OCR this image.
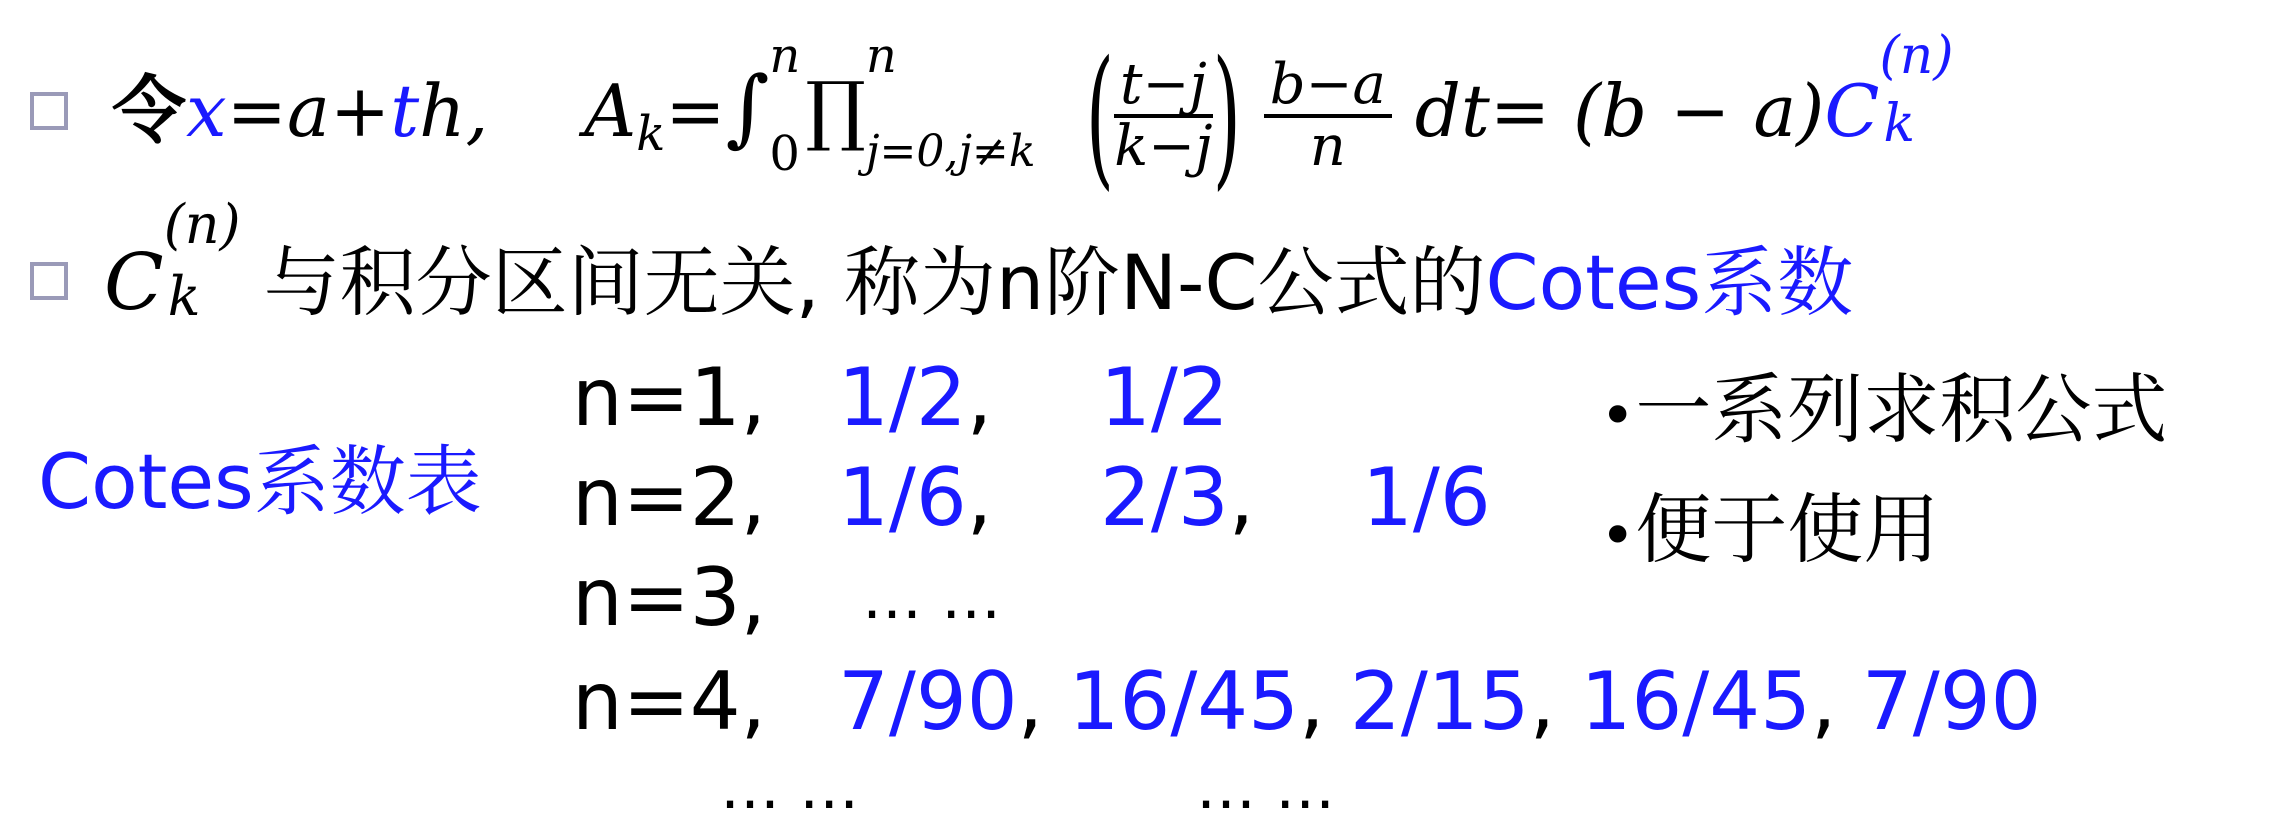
令x=a+th, Ak=∫
n
0
∏
n
j=0,j≠k ( $\frac{t-j}{k-j}$ ) $\frac{b-a}{n} dt= (b - a)C$
(n)
k
C
(n)
k 与积分区间无关, 称为n阶N-C公式的Cotes系数
Cotes系数表
n=1, 1/2, 1/2
n=2, 1/6, 2/3, 1/6
n=3, … …
n=4, 7/90, 16/45, 2/15, 16/45, 7/90
… …	… …
•一系列求积公式
•便于使用
